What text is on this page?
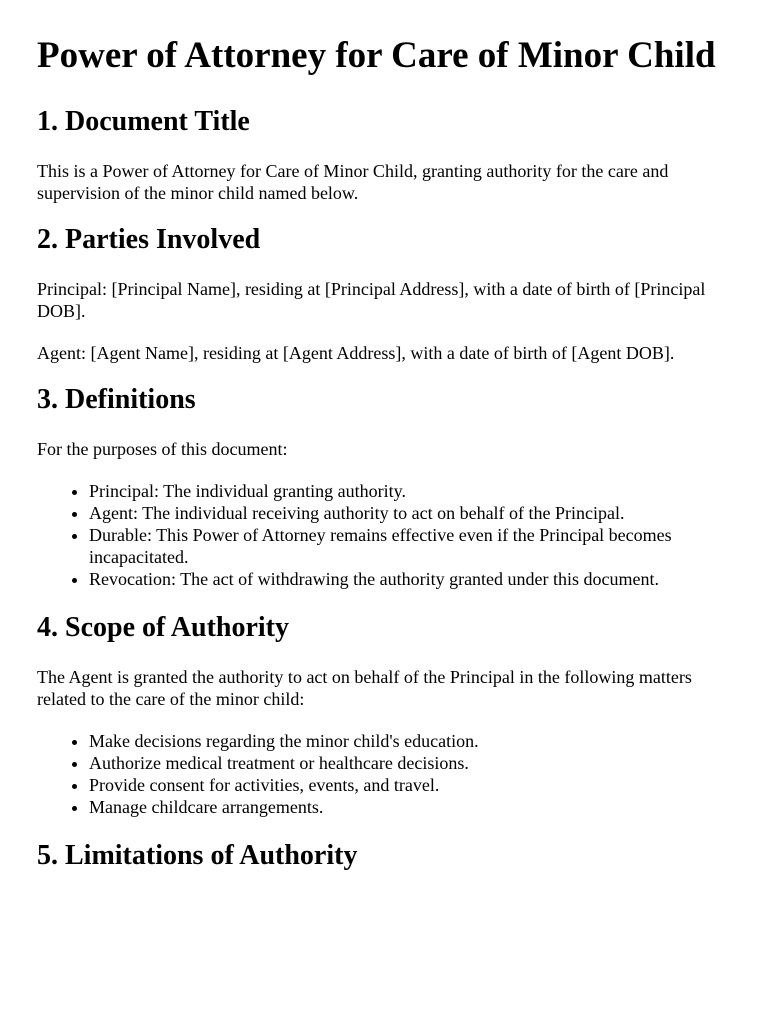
Power of Attorney for Care of Minor Child
1. Document Title

This is a Power of Attorney for Care of Minor Child, granting authority for the care and supervision of the minor child named below.

2. Parties Involved

Principal: [Principal Name], residing at [Principal Address], with a date of birth of [Principal DOB].

Agent: [Agent Name], residing at [Agent Address], with a date of birth of [Agent DOB].

3. Definitions

For the purposes of this document:

• Principal: The individual granting authority.
• Agent: The individual receiving authority to act on behalf of the Principal.
• Durable: This Power of Attorney remains effective even if the Principal becomes incapacitated.
• Revocation: The act of withdrawing the authority granted under this document.
4. Scope of Authority

The Agent is granted the authority to act on behalf of the Principal in the following matters related to the care of the minor child:

• Make decisions regarding the minor child's education.
• Authorize medical treatment or healthcare decisions.
• Provide consent for activities, events, and travel.
• Manage childcare arrangements.
5. Limitations of Authority
